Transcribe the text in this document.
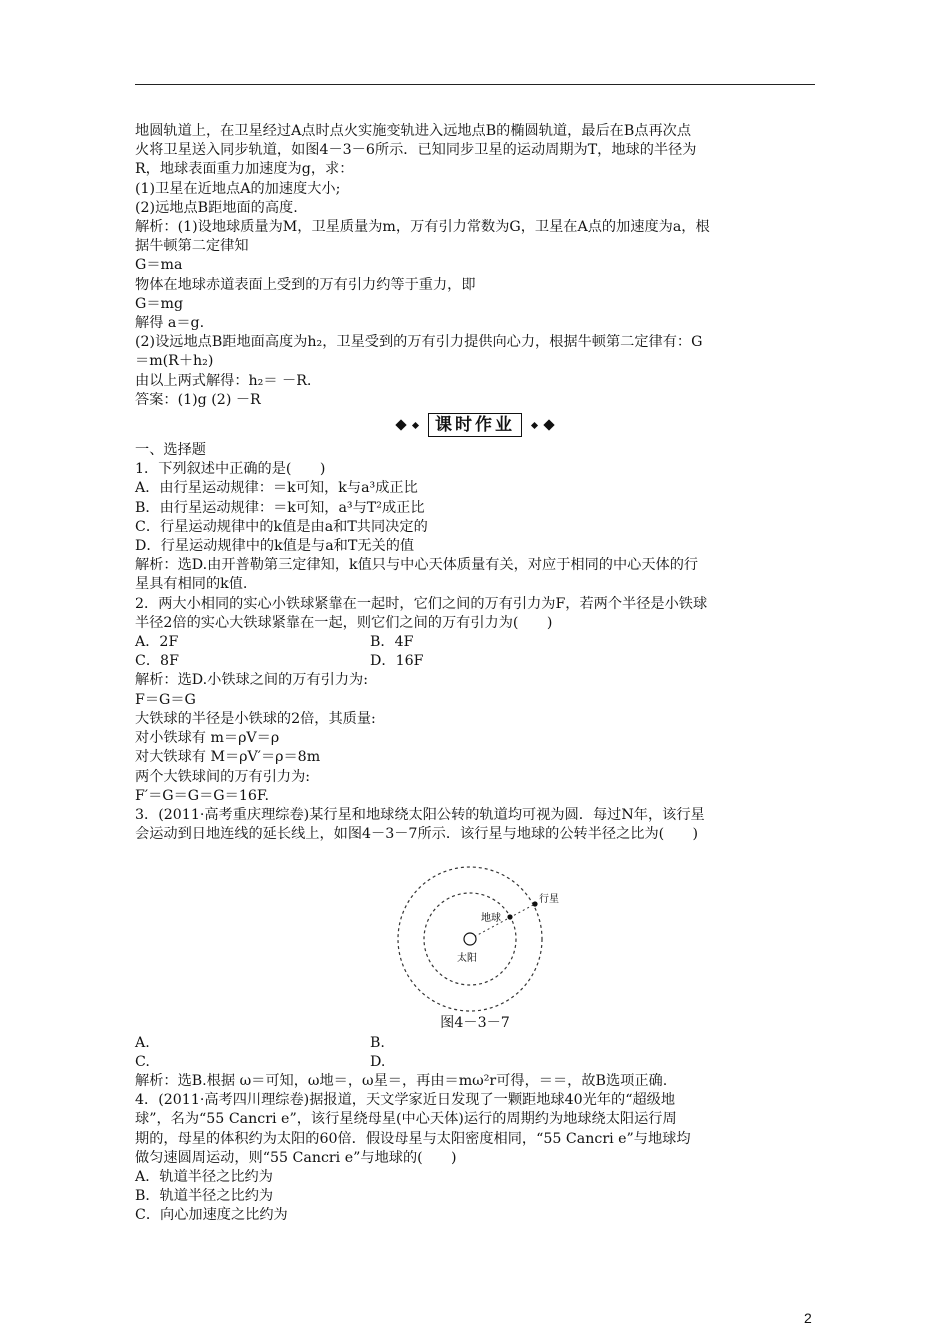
地圆轨道上，在卫星经过A点时点火实施变轨进入远地点B的椭圆轨道，最后在B点再次点

火将卫星送入同步轨道，如图4－3－6所示．已知同步卫星的运动周期为T，地球的半径为

R，地球表面重力加速度为g，求：

(1)卫星在近地点A的加速度大小;

(2)远地点B距地面的高度.

解析：(1)设地球质量为M，卫星质量为m，万有引力常数为G，卫星在A点的加速度为a，根

据牛顿第二定律知

G＝ma

物体在地球赤道表面上受到的万有引力约等于重力，即

G＝mg

解得 a＝g.

(2)设远地点B距地面高度为h₂，卫星受到的万有引力提供向心力，根据牛顿第二定律有：G

＝m(R＋h₂)

由以上两式解得：h₂＝ －R.

答案：(1)g (2) －R

课时作业

一、选择题

1．下列叙述中正确的是(　　)

A．由行星运动规律：＝k可知，k与a³成正比

B．由行星运动规律：＝k可知，a³与T²成正比

C．行星运动规律中的k值是由a和T共同决定的

D．行星运动规律中的k值是与a和T无关的值

解析：选D.由开普勒第三定律知，k值只与中心天体质量有关，对应于相同的中心天体的行

星具有相同的k值.

2．两大小相同的实心小铁球紧靠在一起时，它们之间的万有引力为F，若两个半径是小铁球

半径2倍的实心大铁球紧靠在一起，则它们之间的万有引力为(　　)

A．2F	B．4F

C．8F	D．16F

解析：选D.小铁球之间的万有引力为:

F＝G＝G

大铁球的半径是小铁球的2倍，其质量:

对小铁球有 m＝ρV＝ρ

对大铁球有 M＝ρV′＝ρ＝8m

两个大铁球间的万有引力为:

F′＝G＝G＝G＝16F.

3．(2011·高考重庆理综卷)某行星和地球绕太阳公转的轨道均可视为圆．每过N年，该行星

会运动到日地连线的延长线上，如图4－3－7所示．该行星与地球的公转半径之比为(　　)

太阳
地球
行星

图4－3－7

A.	B.

C.	D.

解析：选B.根据 ω＝可知，ω地＝，ω星＝，再由＝mω²r可得，＝＝，故B选项正确.

4．(2011·高考四川理综卷)据报道，天文学家近日发现了一颗距地球40光年的“超级地

球”，名为“55 Cancri e”，该行星绕母星(中心天体)运行的周期约为地球绕太阳运行周

期的，母星的体积约为太阳的60倍．假设母星与太阳密度相同，“55 Cancri e”与地球均

做匀速圆周运动，则“55 Cancri e”与地球的(　　)

A．轨道半径之比约为

B．轨道半径之比约为

C．向心加速度之比约为

2
